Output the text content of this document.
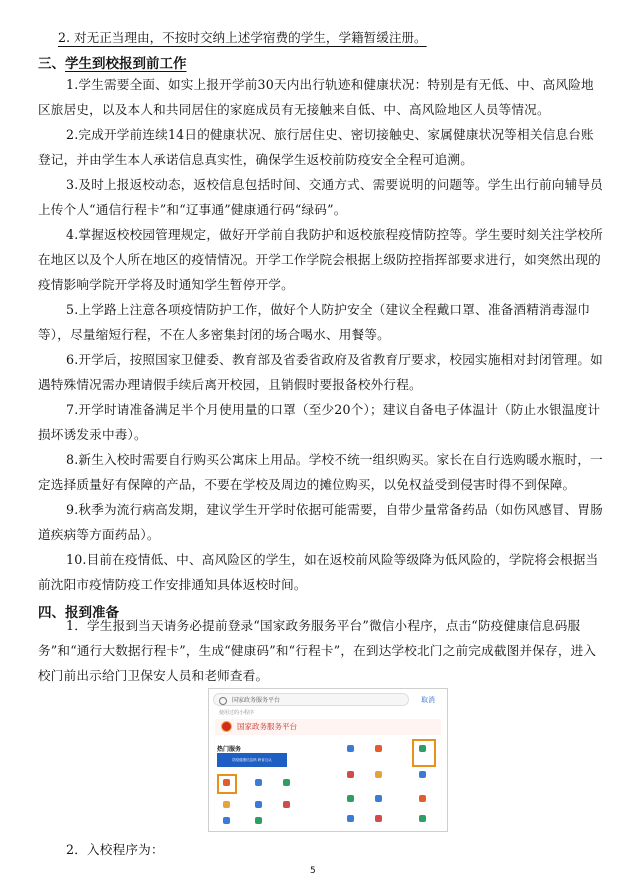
2. 对无正当理由，不按时交纳上述学宿费的学生，学籍暂缓注册。
三、学生到校报到前工作

1.学生需要全面、如实上报开学前30天内出行轨迹和健康状况：特别是有无低、中、高风险地区旅居史，以及本人和共同居住的家庭成员有无接触来自低、中、高风险地区人员等情况。

2.完成开学前连续14日的健康状况、旅行居住史、密切接触史、家属健康状况等相关信息台账登记，并由学生本人承诺信息真实性，确保学生返校前防疫安全全程可追溯。

3.及时上报返校动态，返校信息包括时间、交通方式、需要说明的问题等。学生出行前向辅导员上传个人“通信行程卡”和“辽事通”健康通行码“绿码”。

4.掌握返校校园管理规定，做好开学前自我防护和返校旅程疫情防控等。学生要时刻关注学校所在地区以及个人所在地区的疫情情况。开学工作学院会根据上级防控指挥部要求进行，如突然出现的疫情影响学院开学将及时通知学生暂停开学。

5.上学路上注意各项疫情防护工作，做好个人防护安全（建议全程戴口罩、准备酒精消毒湿巾等），尽量缩短行程，不在人多密集封闭的场合喝水、用餐等。

6.开学后，按照国家卫健委、教育部及省委省政府及省教育厅要求，校园实施相对封闭管理。如遇特殊情况需办理请假手续后离开校园，且销假时要报备校外行程。

7.开学时请准备满足半个月使用量的口罩（至少20个）；建议自备电子体温计（防止水银温度计损坏诱发汞中毒）。

8.新生入校时需要自行购买公寓床上用品。学校不统一组织购买。家长在自行选购暖水瓶时，一定选择质量好有保障的产品，不要在学校及周边的摊位购买，以免权益受到侵害时得不到保障。

9.秋季为流行病高发期，建议学生开学时依据可能需要，自带少量常备药品（如伤风感冒、胃肠道疾病等方面药品）。

10.目前在疫情低、中、高风险区的学生，如在返校前风险等级降为低风险的，学院将会根据当前沈阳市疫情防疫工作安排通知具体返校时间。

四、报到准备

1．学生报到当天请务必提前登录“国家政务服务平台”微信小程序，点击“防疫健康信息码服务”和“通行大数据行程卡”，生成“健康码”和“行程卡”，在到达学校北门之前完成截图并保存，进入校门前出示给门卫保安人员和老师查看。

国家政务服务平台	取消
使用过的小程序
国家政务服务平台
热门服务
防疫健康信息码 跨省互认

2．入校程序为：

5
